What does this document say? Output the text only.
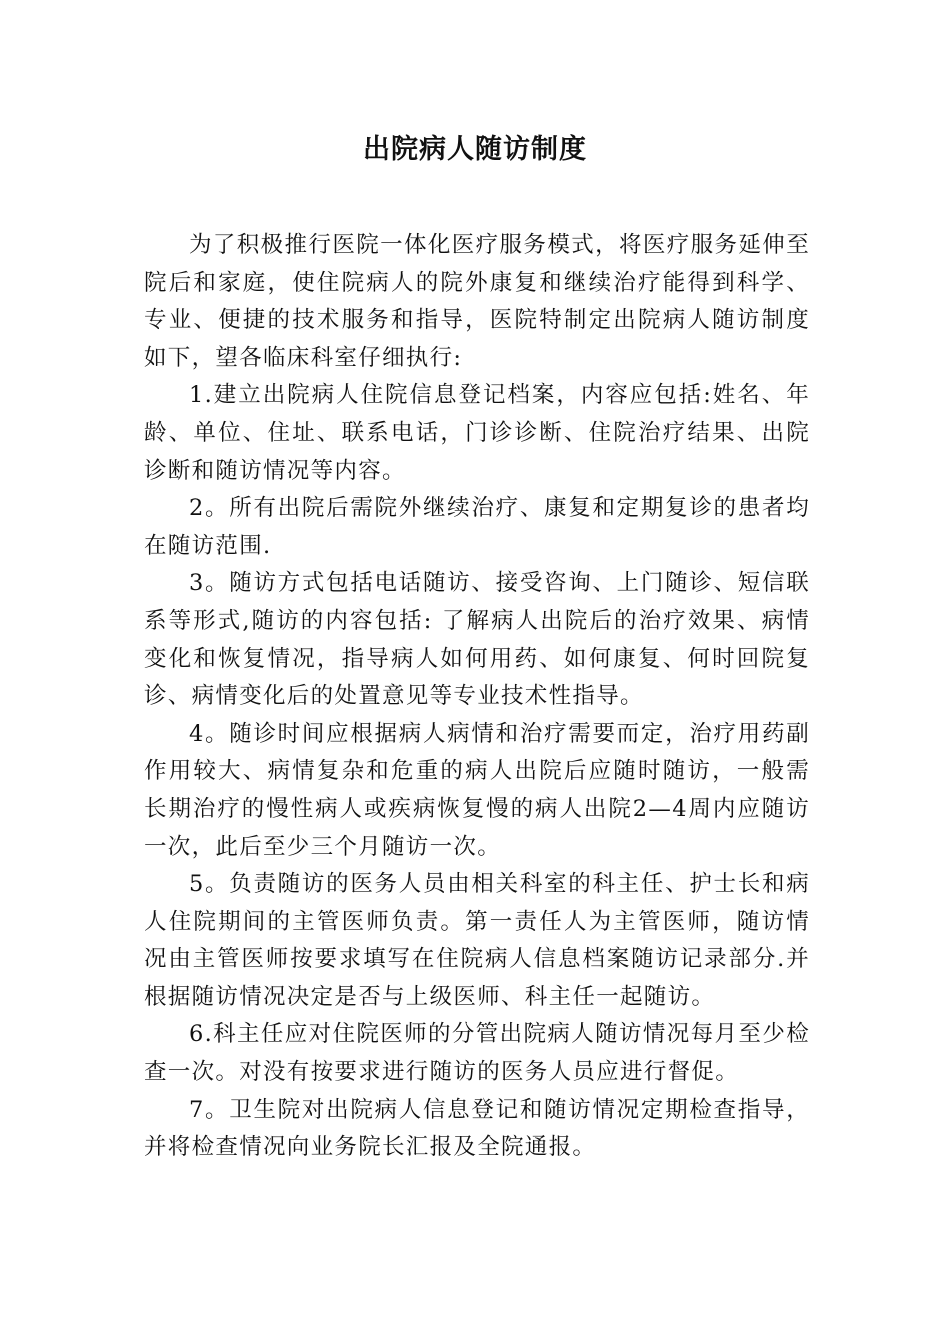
出院病人随访制度

为了积极推行医院一体化医疗服务模式，将医疗服务延伸至院后和家庭，使住院病人的院外康复和继续治疗能得到科学、专业、便捷的技术服务和指导，医院特制定出院病人随访制度如下，望各临床科室仔细执行:

1.建立出院病人住院信息登记档案，内容应包括:姓名、年龄、单位、住址、联系电话，门诊诊断、住院治疗结果、出院诊断和随访情况等内容。

2。所有出院后需院外继续治疗、康复和定期复诊的患者均在随访范围.

3。随访方式包括电话随访、接受咨询、上门随诊、短信联系等形式,随访的内容包括: 了解病人出院后的治疗效果、病情变化和恢复情况，指导病人如何用药、如何康复、何时回院复诊、病情变化后的处置意见等专业技术性指导。

4。随诊时间应根据病人病情和治疗需要而定，治疗用药副作用较大、病情复杂和危重的病人出院后应随时随访，一般需长期治疗的慢性病人或疾病恢复慢的病人出院2—4周内应随访一次，此后至少三个月随访一次。

5。负责随访的医务人员由相关科室的科主任、护士长和病人住院期间的主管医师负责。第一责任人为主管医师，随访情况由主管医师按要求填写在住院病人信息档案随访记录部分.并根据随访情况决定是否与上级医师、科主任一起随访。

6.科主任应对住院医师的分管出院病人随访情况每月至少检查一次。对没有按要求进行随访的医务人员应进行督促。

7。卫生院对出院病人信息登记和随访情况定期检查指导，并将检查情况向业务院长汇报及全院通报。
